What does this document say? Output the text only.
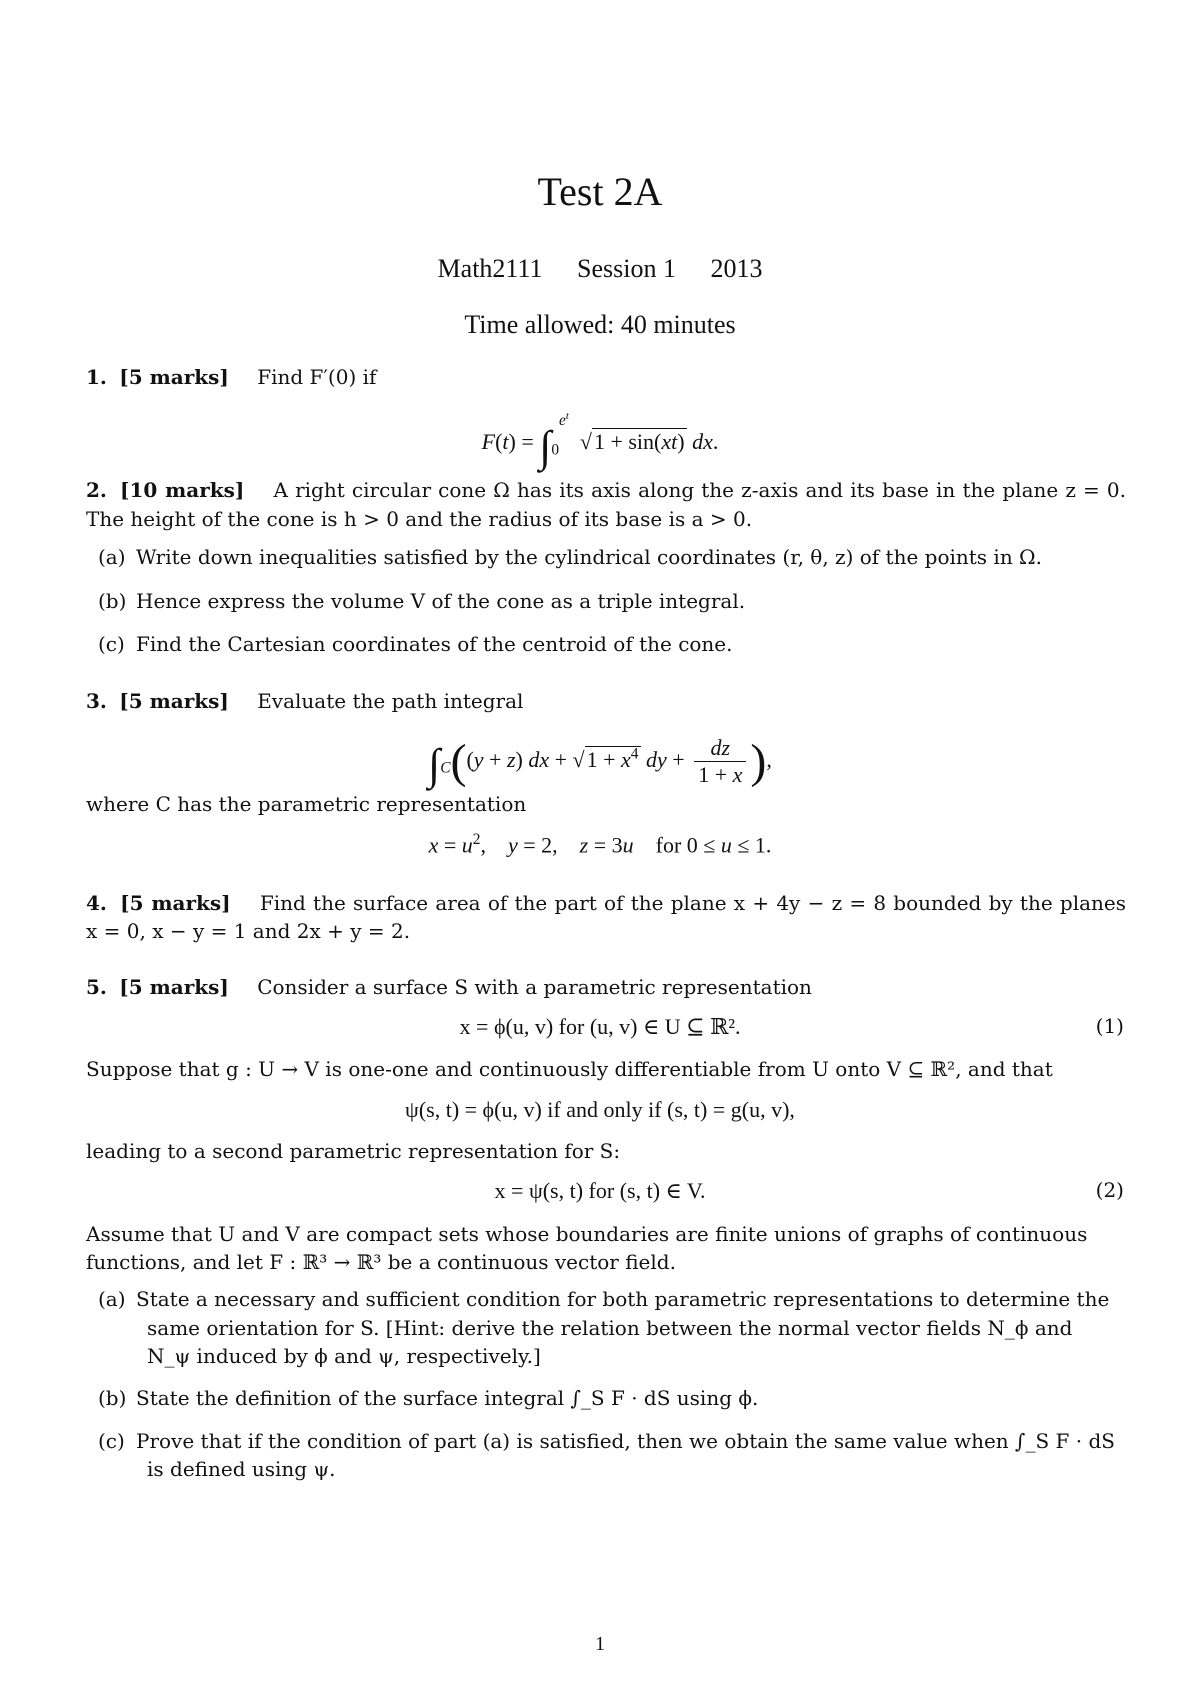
Test 2A
Math2111 Session 1 2013
Time allowed: 40 minutes
1. [5 marks] Find F′(0) if
$F(t) = \int_0^{e^t}$  √1 + sin(xt) dx.
2. [10 marks] A right circular cone Ω has its axis along the z-axis and its base in the plane z = 0.
The height of the cone is h > 0 and the radius of its base is a > 0.
(a) Write down inequalities satisfied by the cylindrical coordinates (r, θ, z) of the points in Ω.
(b) Hence express the volume V of the cone as a triple integral.
(c) Find the Cartesian coordinates of the centroid of the cone.
3. [5 marks] Evaluate the path integral
$\int_C((y + z)$ dx + $√1 + x^4$ dy + $\frac{dz}{1 + x}$ ),
where C has the parametric representation
$x = u^2$,    y = 2,    z = 3u    for 0 ≤ u ≤ 1.
4. [5 marks] Find the surface area of the part of the plane x + 4y − z = 8 bounded by the planes
x = 0, x − y = 1 and 2x + y = 2.
5. [5 marks] Consider a surface S with a parametric representation
x = ϕ(u, v) for (u, v) ∈ U ⊆ ℝ².	(1)
Suppose that g : U → V is one-one and continuously differentiable from U onto V ⊆ ℝ², and that
ψ(s, t) = ϕ(u, v) if and only if (s, t) = g(u, v),
leading to a second parametric representation for S:
x = ψ(s, t) for (s, t) ∈ V.	(2)
Assume that U and V are compact sets whose boundaries are finite unions of graphs of continuous
functions, and let F : ℝ³ → ℝ³ be a continuous vector field.
(a) State a necessary and sufficient condition for both parametric representations to determine the
same orientation for S. [Hint: derive the relation between the normal vector fields N_ϕ and
N_ψ induced by ϕ and ψ, respectively.]
(b) State the definition of the surface integral ∫_S F · dS using ϕ.
(c) Prove that if the condition of part (a) is satisfied, then we obtain the same value when ∫_S F · dS
is defined using ψ.
1
